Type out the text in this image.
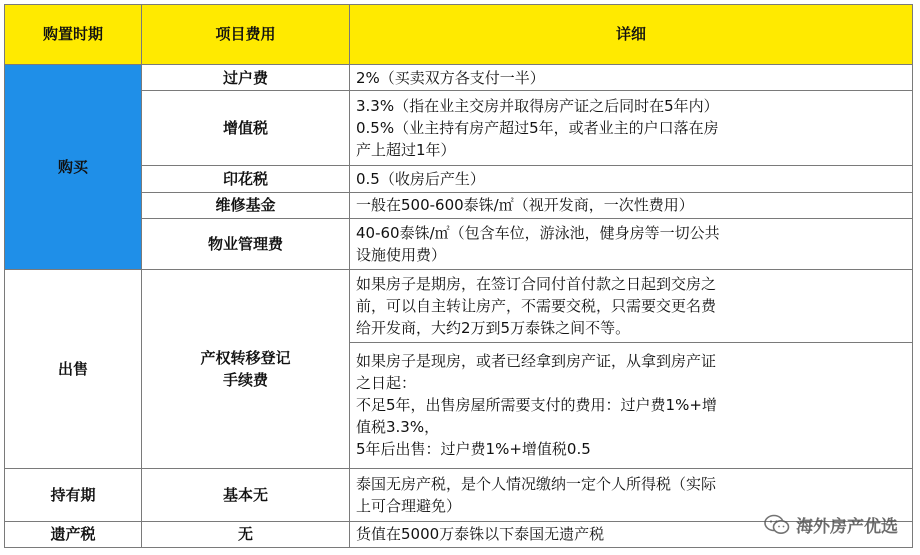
购置时期	项目费用	详细
购买	过户费	2%（买卖双方各支付一半）

	增值税	3.3%（指在业主交房并取得房产证之后同时在5年内）
0.5%（业主持有房产超过5年，或者业主的户口落在房
产上超过1年）

	印花税	0.5（收房后产生）

	维修基金	一般在500-600泰铢/㎡（视开发商，一次性费用）

	物业管理费	40-60泰铢/㎡（包含车位，游泳池，健身房等一切公共
设施使用费）

出售	产权转移登记
手续费	如果房子是期房，在签订合同付首付款之日起到交房之
前，可以自主转让房产，不需要交税，只需要交更名费
给开发商，大约2万到5万泰铢之间不等。

		如果房子是现房，或者已经拿到房产证，从拿到房产证
之日起：
不足5年，出售房屋所需要支付的费用：过户费1%+增
值税3.3%，
5年后出售：过户费1%+增值税0.5

持有期	基本无	泰国无房产税，是个人情况缴纳一定个人所得税（实际
上可合理避免）

遗产税	无	货值在5000万泰铢以下泰国无遗产税	海外房产优选
